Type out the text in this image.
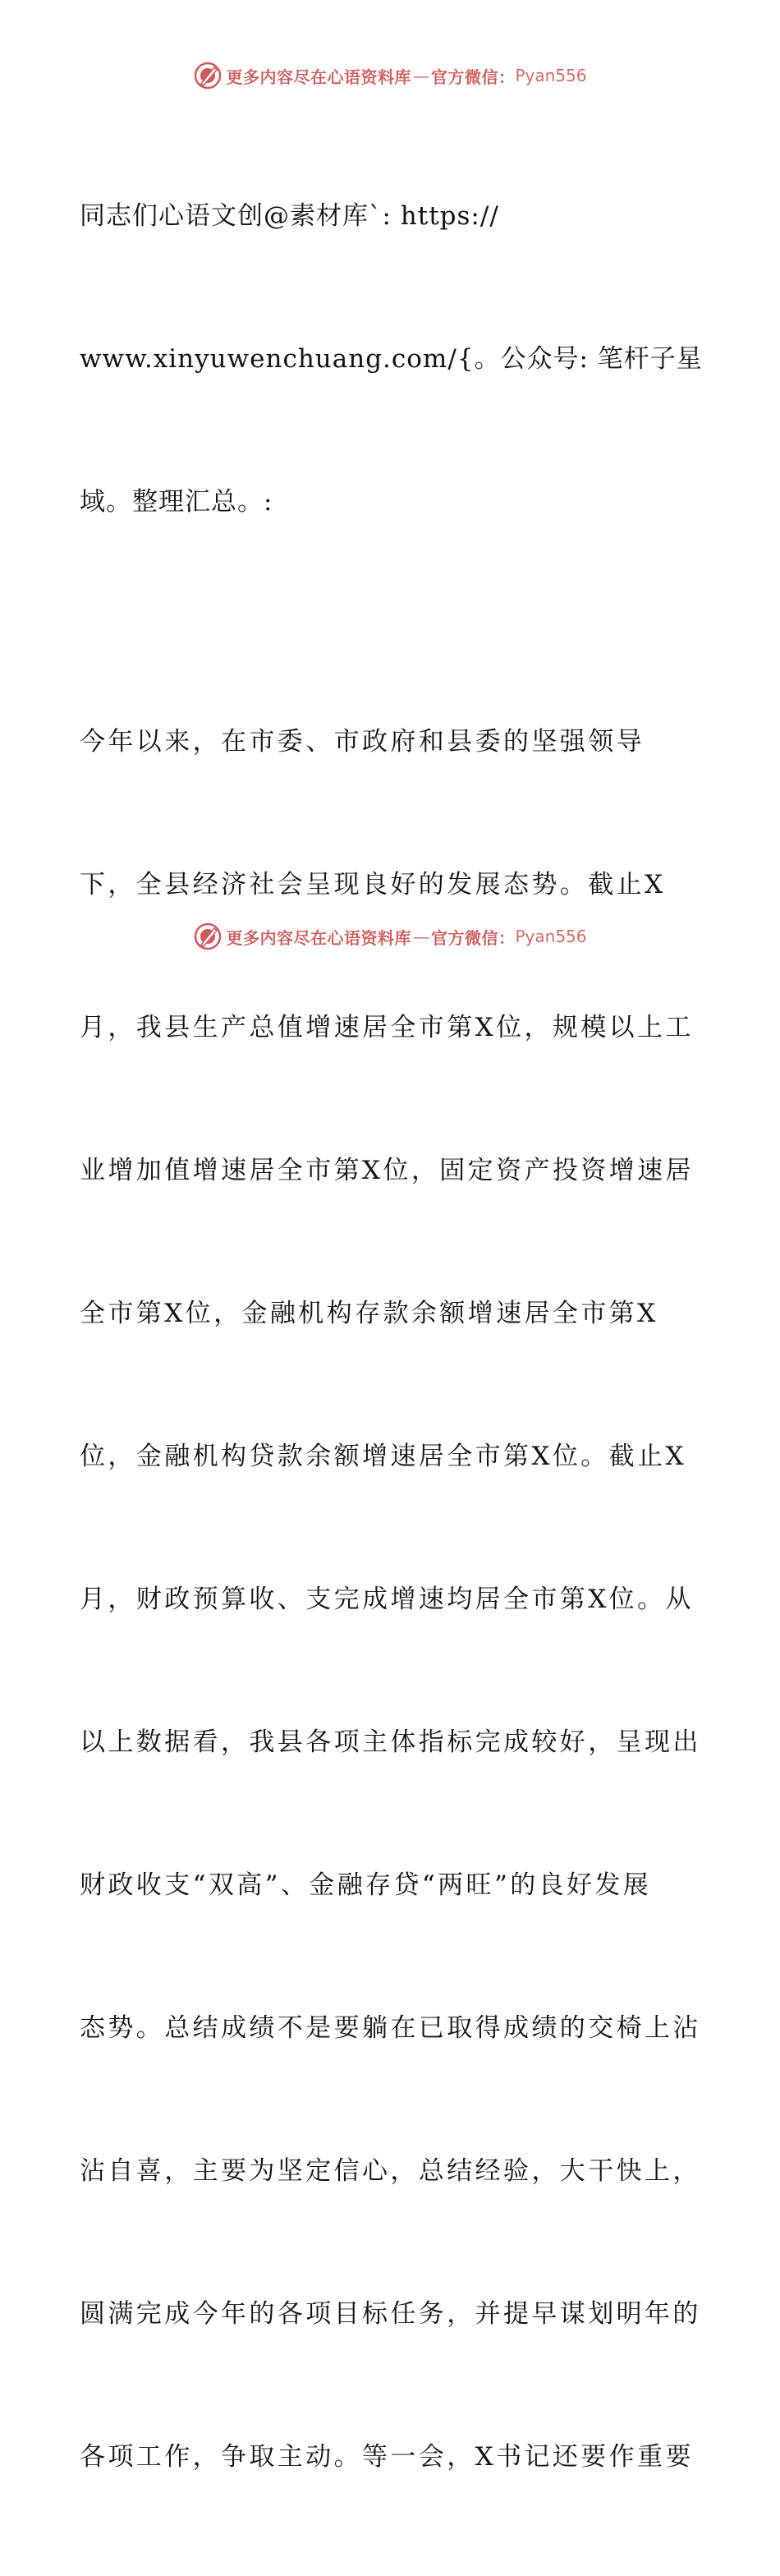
更多内容尽在心语资料库 — 官方微信： Pyan556

同志们心语文创@素材库`: https://

www.xinyuwenchuang.com/{。公众号: 笔杆子星

域。整理汇总。:

今年以来，在市委、市政府和县委的坚强领导

下，全县经济社会呈现良好的发展态势。截止X

月，我县生产总值增速居全市第X位，规模以上工

业增加值增速居全市第X位，固定资产投资增速居

全市第X位，金融机构存款余额增速居全市第X

位，金融机构贷款余额增速居全市第X位。截止X

月，财政预算收、支完成增速均居全市第X位。从

以上数据看，我县各项主体指标完成较好，呈现出

财政收支“双高”、金融存贷“两旺”的良好发展

态势。总结成绩不是要躺在已取得成绩的交椅上沾

沾自喜，主要为坚定信心，总结经验，大干快上，

圆满完成今年的各项目标任务，并提早谋划明年的

各项工作，争取主动。等一会，X书记还要作重要

更多内容尽在心语资料库 — 官方微信： Pyan556
